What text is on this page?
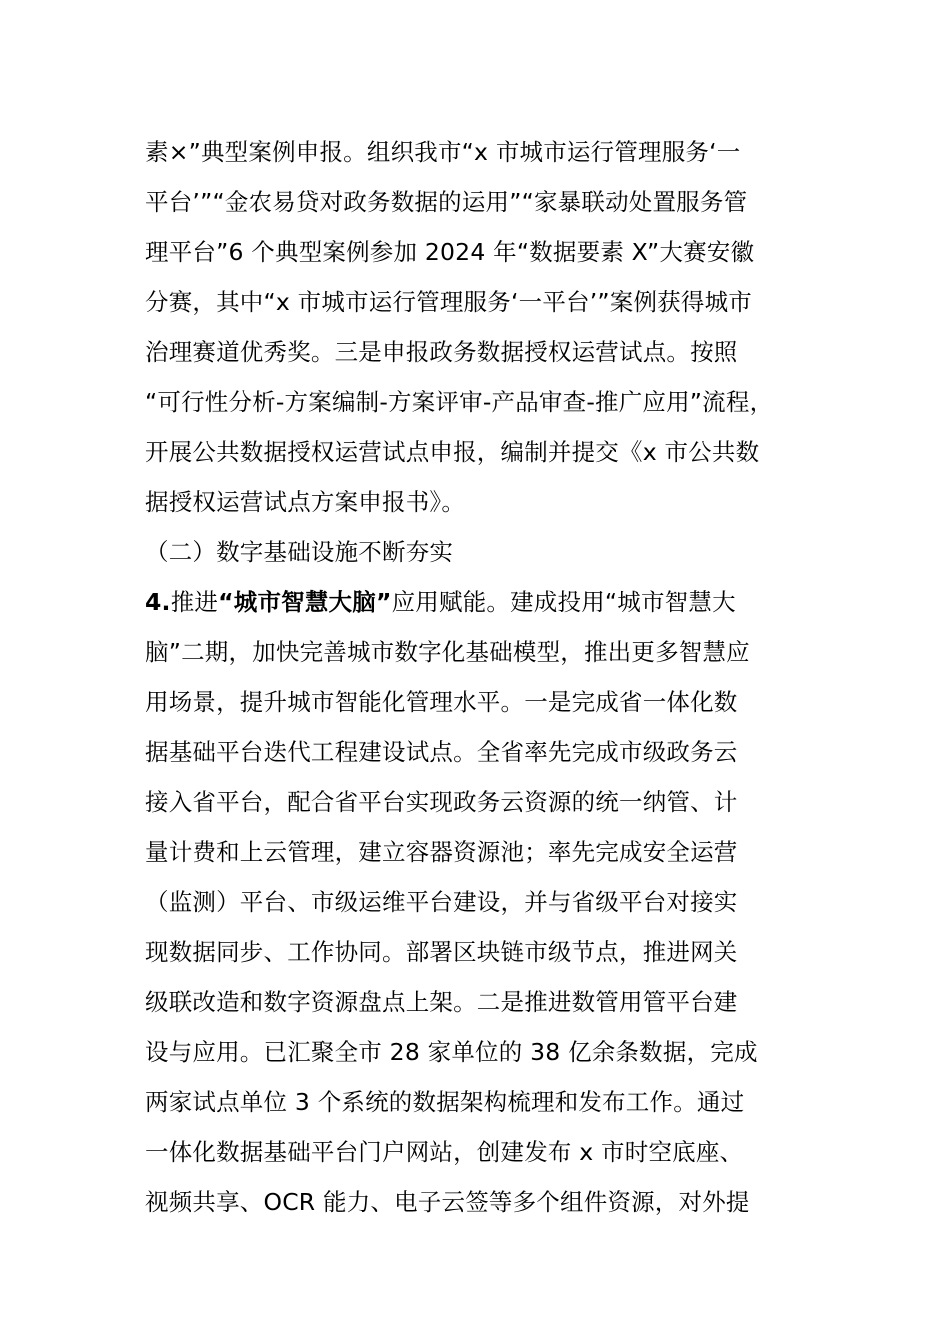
素×”典型案例申报。组织我市“x 市城市运行管理服务‘一
平台’”“金农易贷对政务数据的运用”“家暴联动处置服务管
理平台”6 个典型案例参加 2024 年“数据要素 X”大赛安徽
分赛，其中“x 市城市运行管理服务‘一平台’”案例获得城市
治理赛道优秀奖。三是申报政务数据授权运营试点。按照
“可行性分析-方案编制-方案评审-产品审查-推广应用”流程，
开展公共数据授权运营试点申报，编制并提交《x 市公共数
据授权运营试点方案申报书》。
（二）数字基础设施不断夯实
4.推进“城市智慧大脑”应用赋能。建成投用“城市智慧大
脑”二期，加快完善城市数字化基础模型，推出更多智慧应
用场景，提升城市智能化管理水平。一是完成省一体化数
据基础平台迭代工程建设试点。全省率先完成市级政务云
接入省平台，配合省平台实现政务云资源的统一纳管、计
量计费和上云管理，建立容器资源池；率先完成安全运营
（监测）平台、市级运维平台建设，并与省级平台对接实
现数据同步、工作协同。部署区块链市级节点，推进网关
级联改造和数字资源盘点上架。二是推进数管用管平台建
设与应用。已汇聚全市 28 家单位的 38 亿余条数据，完成
两家试点单位 3 个系统的数据架构梳理和发布工作。通过
一体化数据基础平台门户网站，创建发布 x 市时空底座、
视频共享、OCR 能力、电子云签等多个组件资源，对外提
